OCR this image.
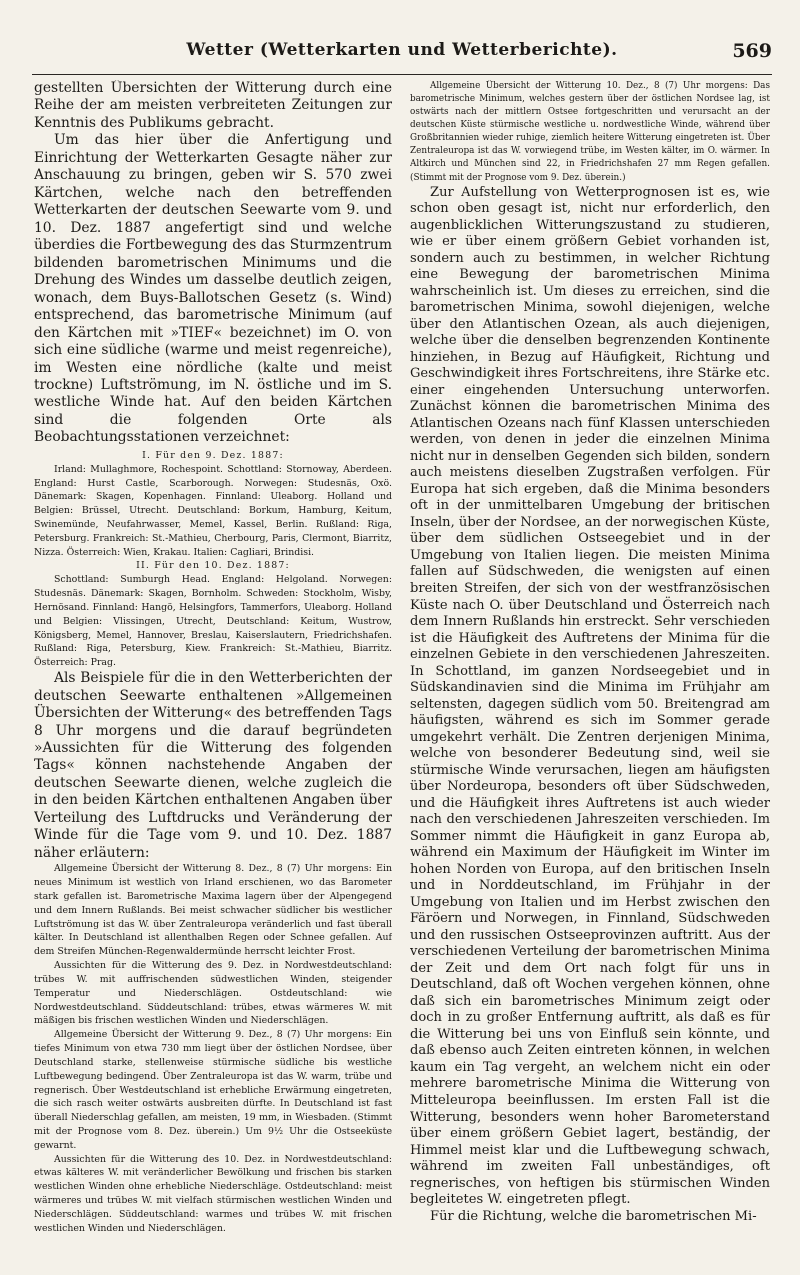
Wetter (Wetterkarten und Wetterberichte).	569

gestellten Übersichten der Witterung durch eine Reihe der am meisten verbreiteten Zeitungen zur Kenntnis des Publikums gebracht.

Um das hier über die Anfertigung und Einrichtung der Wetterkarten Gesagte näher zur Anschauung zu bringen, geben wir S. 570 zwei Kärtchen, welche nach den betreffenden Wetterkarten der deutschen Seewarte vom 9. und 10. Dez. 1887 angefertigt sind und welche überdies die Fortbewegung des das Sturmzentrum bildenden barometrischen Minimums und die Drehung des Windes um dasselbe deutlich zeigen, wonach, dem Buys-Ballotschen Gesetz (s. Wind) entsprechend, das barometrische Minimum (auf den Kärtchen mit »TIEF« bezeichnet) im O. von sich eine südliche (warme und meist regenreiche), im Westen eine nördliche (kalte und meist trockne) Luftströmung, im N. östliche und im S. westliche Winde hat. Auf den beiden Kärtchen sind die folgenden Orte als Beobachtungsstationen verzeichnet:

I. Für den 9. Dez. 1887:

Irland: Mullaghmore, Rochespoint. Schottland: Stornoway, Aberdeen. England: Hurst Castle, Scarborough. Norwegen: Studesnäs, Oxö. Dänemark: Skagen, Kopenhagen. Finnland: Uleaborg. Holland und Belgien: Brüssel, Utrecht. Deutschland: Borkum, Hamburg, Keitum, Swinemünde, Neufahrwasser, Memel, Kassel, Berlin. Rußland: Riga, Petersburg. Frankreich: St.-Mathieu, Cherbourg, Paris, Clermont, Biarritz, Nizza. Österreich: Wien, Krakau. Italien: Cagliari, Brindisi.

II. Für den 10. Dez. 1887:

Schottland: Sumburgh Head. England: Helgoland. Norwegen: Studesnäs. Dänemark: Skagen, Bornholm. Schweden: Stockholm, Wisby, Hernösand. Finnland: Hangö, Helsingfors, Tammerfors, Uleaborg. Holland und Belgien: Vlissingen, Utrecht, Deutschland: Keitum, Wustrow, Königsberg, Memel, Hannover, Breslau, Kaiserslautern, Friedrichshafen. Rußland: Riga, Petersburg, Kiew. Frankreich: St.-Mathieu, Biarritz. Österreich: Prag.

Als Beispiele für die in den Wetterberichten der deutschen Seewarte enthaltenen »Allgemeinen Übersichten der Witterung« des betreffenden Tags 8 Uhr morgens und die darauf begründeten »Aussichten für die Witterung des folgenden Tags« können nachstehende Angaben der deutschen Seewarte dienen, welche zugleich die in den beiden Kärtchen enthaltenen Angaben über Verteilung des Luftdrucks und Veränderung der Winde für die Tage vom 9. und 10. Dez. 1887 näher erläutern:

Allgemeine Übersicht der Witterung 8. Dez., 8 (7) Uhr morgens: Ein neues Minimum ist westlich von Irland erschienen, wo das Barometer stark gefallen ist. Barometrische Maxima lagern über der Alpengegend und dem Innern Rußlands. Bei meist schwacher südlicher bis westlicher Luftströmung ist das W. über Zentraleuropa veränderlich und fast überall kälter. In Deutschland ist allenthalben Regen oder Schnee gefallen. Auf dem Streifen München-Regenwaldermünde herrscht leichter Frost.

Aussichten für die Witterung des 9. Dez. in Nordwestdeutschland: trübes W. mit auffrischenden südwestlichen Winden, steigender Temperatur und Niederschlägen. Ostdeutschland: wie Nordwestdeutschland. Süddeutschland: trübes, etwas wärmeres W. mit mäßigen bis frischen westlichen Winden und Niederschlägen.

Allgemeine Übersicht der Witterung 9. Dez., 8 (7) Uhr morgens: Ein tiefes Minimum von etwa 730 mm liegt über der östlichen Nordsee, über Deutschland starke, stellenweise stürmische südliche bis westliche Luftbewegung bedingend. Über Zentraleuropa ist das W. warm, trübe und regnerisch. Über Westdeutschland ist erhebliche Erwärmung eingetreten, die sich rasch weiter ostwärts ausbreiten dürfte. In Deutschland ist fast überall Niederschlag gefallen, am meisten, 19 mm, in Wiesbaden. (Stimmt mit der Prognose vom 8. Dez. überein.) Um 9½ Uhr die Ostseeküste gewarnt.

Aussichten für die Witterung des 10. Dez. in Nordwestdeutschland: etwas kälteres W. mit veränderlicher Bewölkung und frischen bis starken westlichen Winden ohne erhebliche Niederschläge. Ostdeutschland: meist wärmeres und trübes W. mit vielfach stürmischen westlichen Winden und Niederschlägen. Süddeutschland: warmes und trübes W. mit frischen westlichen Winden und Niederschlägen.

Allgemeine Übersicht der Witterung 10. Dez., 8 (7) Uhr morgens: Das barometrische Minimum, welches gestern über der östlichen Nordsee lag, ist ostwärts nach der mittlern Ostsee fortgeschritten und verursacht an der deutschen Küste stürmische westliche u. nordwestliche Winde, während über Großbritannien wieder ruhige, ziemlich heitere Witterung eingetreten ist. Über Zentraleuropa ist das W. vorwiegend trübe, im Westen kälter, im O. wärmer. In Altkirch und München sind 22, in Friedrichshafen 27 mm Regen gefallen. (Stimmt mit der Prognose vom 9. Dez. überein.)

Zur Aufstellung von Wetterprognosen ist es, wie schon oben gesagt ist, nicht nur erforderlich, den augenblicklichen Witterungszustand zu studieren, wie er über einem größern Gebiet vorhanden ist, sondern auch zu bestimmen, in welcher Richtung eine Bewegung der barometrischen Minima wahrscheinlich ist. Um dieses zu erreichen, sind die barometrischen Minima, sowohl diejenigen, welche über den Atlantischen Ozean, als auch diejenigen, welche über die denselben begrenzenden Kontinente hinziehen, in Bezug auf Häufigkeit, Richtung und Geschwindigkeit ihres Fortschreitens, ihre Stärke etc. einer eingehenden Untersuchung unterworfen. Zunächst können die barometrischen Minima des Atlantischen Ozeans nach fünf Klassen unterschieden werden, von denen in jeder die einzelnen Minima nicht nur in denselben Gegenden sich bilden, sondern auch meistens dieselben Zugstraßen verfolgen. Für Europa hat sich ergeben, daß die Minima besonders oft in der unmittelbaren Umgebung der britischen Inseln, über der Nordsee, an der norwegischen Küste, über dem südlichen Ostseegebiet und in der Umgebung von Italien liegen. Die meisten Minima fallen auf Südschweden, die wenigsten auf einen breiten Streifen, der sich von der westfranzösischen Küste nach O. über Deutschland und Österreich nach dem Innern Rußlands hin erstreckt. Sehr verschieden ist die Häufigkeit des Auftretens der Minima für die einzelnen Gebiete in den verschiedenen Jahreszeiten. In Schottland, im ganzen Nordseegebiet und in Südskandinavien sind die Minima im Frühjahr am seltensten, dagegen südlich vom 50. Breitengrad am häufigsten, während es sich im Sommer gerade umgekehrt verhält. Die Zentren derjenigen Minima, welche von besonderer Bedeutung sind, weil sie stürmische Winde verursachen, liegen am häufigsten über Nordeuropa, besonders oft über Südschweden, und die Häufigkeit ihres Auftretens ist auch wieder nach den verschiedenen Jahreszeiten verschieden. Im Sommer nimmt die Häufigkeit in ganz Europa ab, während ein Maximum der Häufigkeit im Winter im hohen Norden von Europa, auf den britischen Inseln und in Norddeutschland, im Frühjahr in der Umgebung von Italien und im Herbst zwischen den Färöern und Norwegen, in Finnland, Südschweden und den russischen Ostseeprovinzen auftritt. Aus der verschiedenen Verteilung der barometrischen Minima der Zeit und dem Ort nach folgt für uns in Deutschland, daß oft Wochen vergehen können, ohne daß sich ein barometrisches Minimum zeigt oder doch in zu großer Entfernung auftritt, als daß es für die Witterung bei uns von Einfluß sein könnte, und daß ebenso auch Zeiten eintreten können, in welchen kaum ein Tag vergeht, an welchem nicht ein oder mehrere barometrische Minima die Witterung von Mitteleuropa beeinflussen. Im ersten Fall ist die Witterung, besonders wenn hoher Barometerstand über einem größern Gebiet lagert, beständig, der Himmel meist klar und die Luftbewegung schwach, während im zweiten Fall unbeständiges, oft regnerisches, von heftigen bis stürmischen Winden begleitetes W. eingetreten pflegt.

Für die Richtung, welche die barometrischen Mi-
